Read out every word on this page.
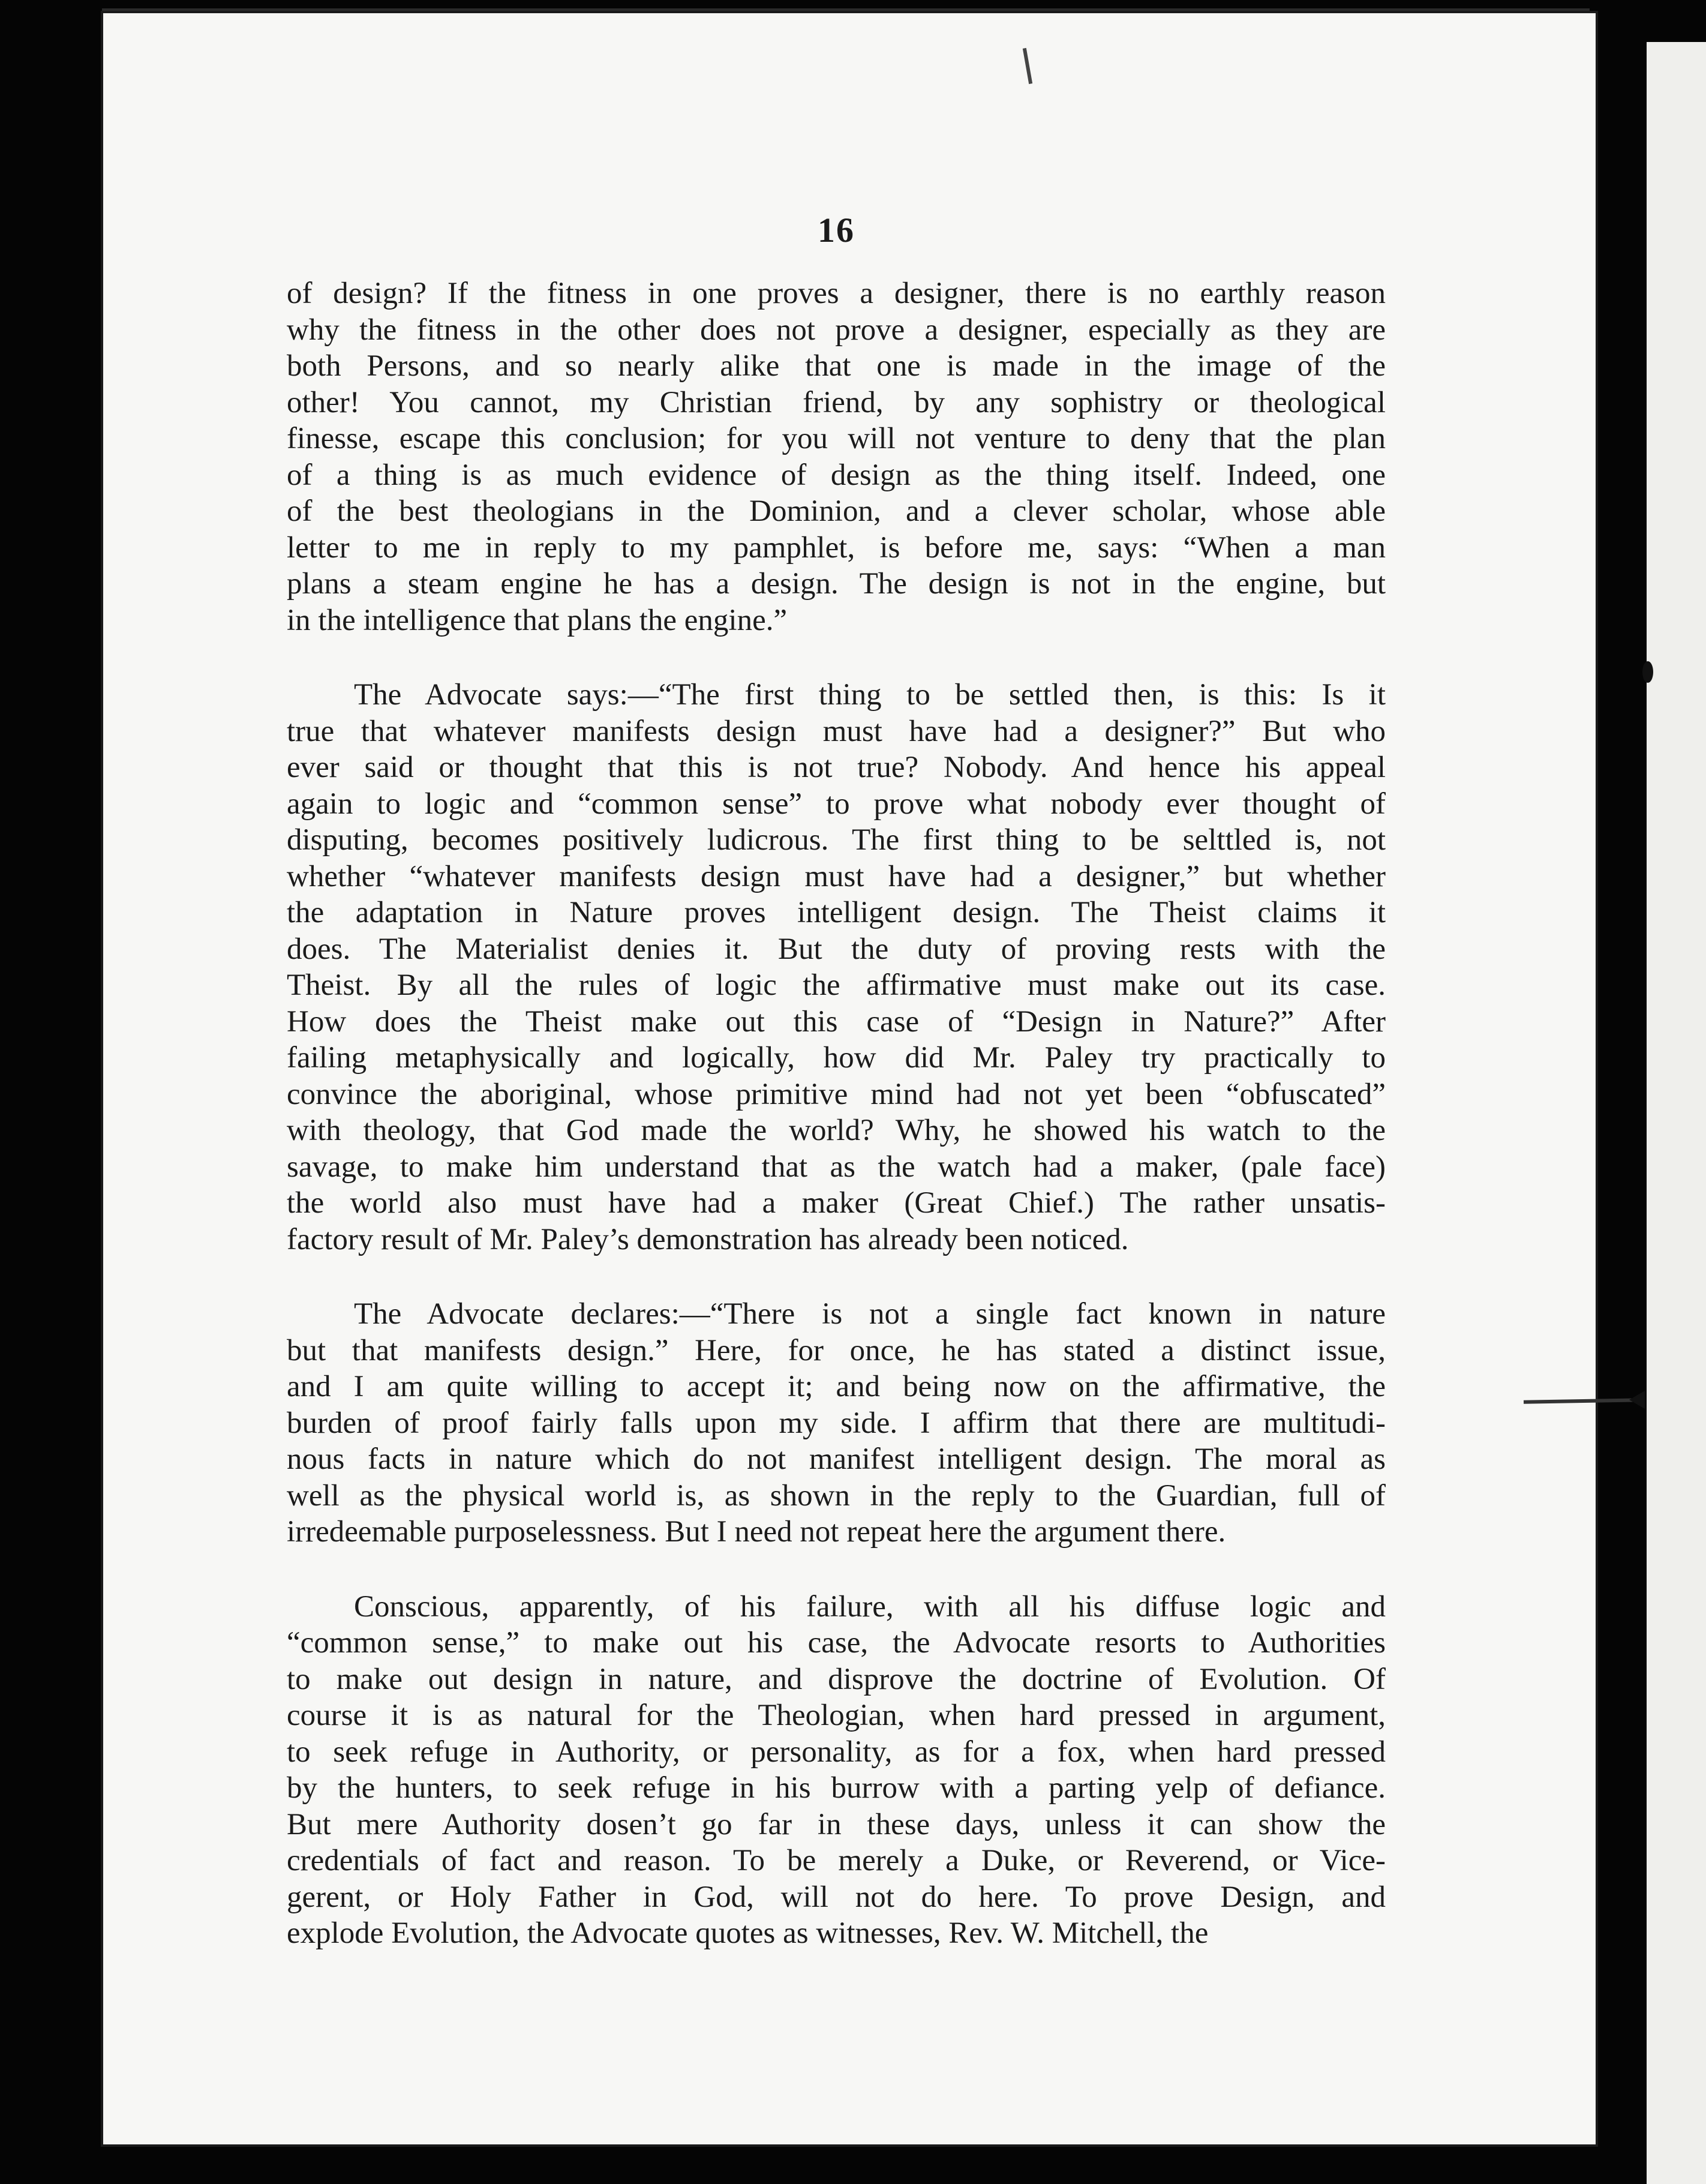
16
of design? If the fitness in one proves a designer, there is no earthly reason
why the fitness in the other does not prove a designer, especially as they are
both Persons, and so nearly alike that one is made in the image of the
other! You cannot, my Christian friend, by any sophistry or theological
finesse, escape this conclusion; for you will not venture to deny that the plan
of a thing is as much evidence of design as the thing itself. Indeed, one
of the best theologians in the Dominion, and a clever scholar, whose able
letter to me in reply to my pamphlet, is before me, says: “When a man
plans a steam engine he has a design. The design is not in the engine, but
in the intelligence that plans the engine.”
The Advocate says:—“The first thing to be settled then, is this: Is it
true that whatever manifests design must have had a designer?” But who
ever said or thought that this is not true? Nobody. And hence his appeal
again to logic and “common sense” to prove what nobody ever thought of
disputing, becomes positively ludicrous. The first thing to be selttled is, not
whether “whatever manifests design must have had a designer,” but whether
the adaptation in Nature proves intelligent design. The Theist claims it
does. The Materialist denies it. But the duty of proving rests with the
Theist. By all the rules of logic the affirmative must make out its case.
How does the Theist make out this case of “Design in Nature?” After
failing metaphysically and logically, how did Mr. Paley try practically to
convince the aboriginal, whose primitive mind had not yet been “obfuscated”
with theology, that God made the world? Why, he showed his watch to the
savage, to make him understand that as the watch had a maker, (pale face)
the world also must have had a maker (Great Chief.) The rather unsatis-
factory result of Mr. Paley’s demonstration has already been noticed.
The Advocate declares:—“There is not a single fact known in nature
but that manifests design.” Here, for once, he has stated a distinct issue,
and I am quite willing to accept it; and being now on the affirmative, the
burden of proof fairly falls upon my side. I affirm that there are multitudi-
nous facts in nature which do not manifest intelligent design. The moral as
well as the physical world is, as shown in the reply to the Guardian, full of
irredeemable purposelessness. But I need not repeat here the argument there.
Conscious, apparently, of his failure, with all his diffuse logic and
“common sense,” to make out his case, the Advocate resorts to Authorities
to make out design in nature, and disprove the doctrine of Evolution. Of
course it is as natural for the Theologian, when hard pressed in argument,
to seek refuge in Authority, or personality, as for a fox, when hard pressed
by the hunters, to seek refuge in his burrow with a parting yelp of defiance.
But mere Authority dosen’t go far in these days, unless it can show the
credentials of fact and reason. To be merely a Duke, or Reverend, or Vice-
gerent, or Holy Father in God, will not do here. To prove Design, and
explode Evolution, the Advocate quotes as witnesses, Rev. W. Mitchell, the
